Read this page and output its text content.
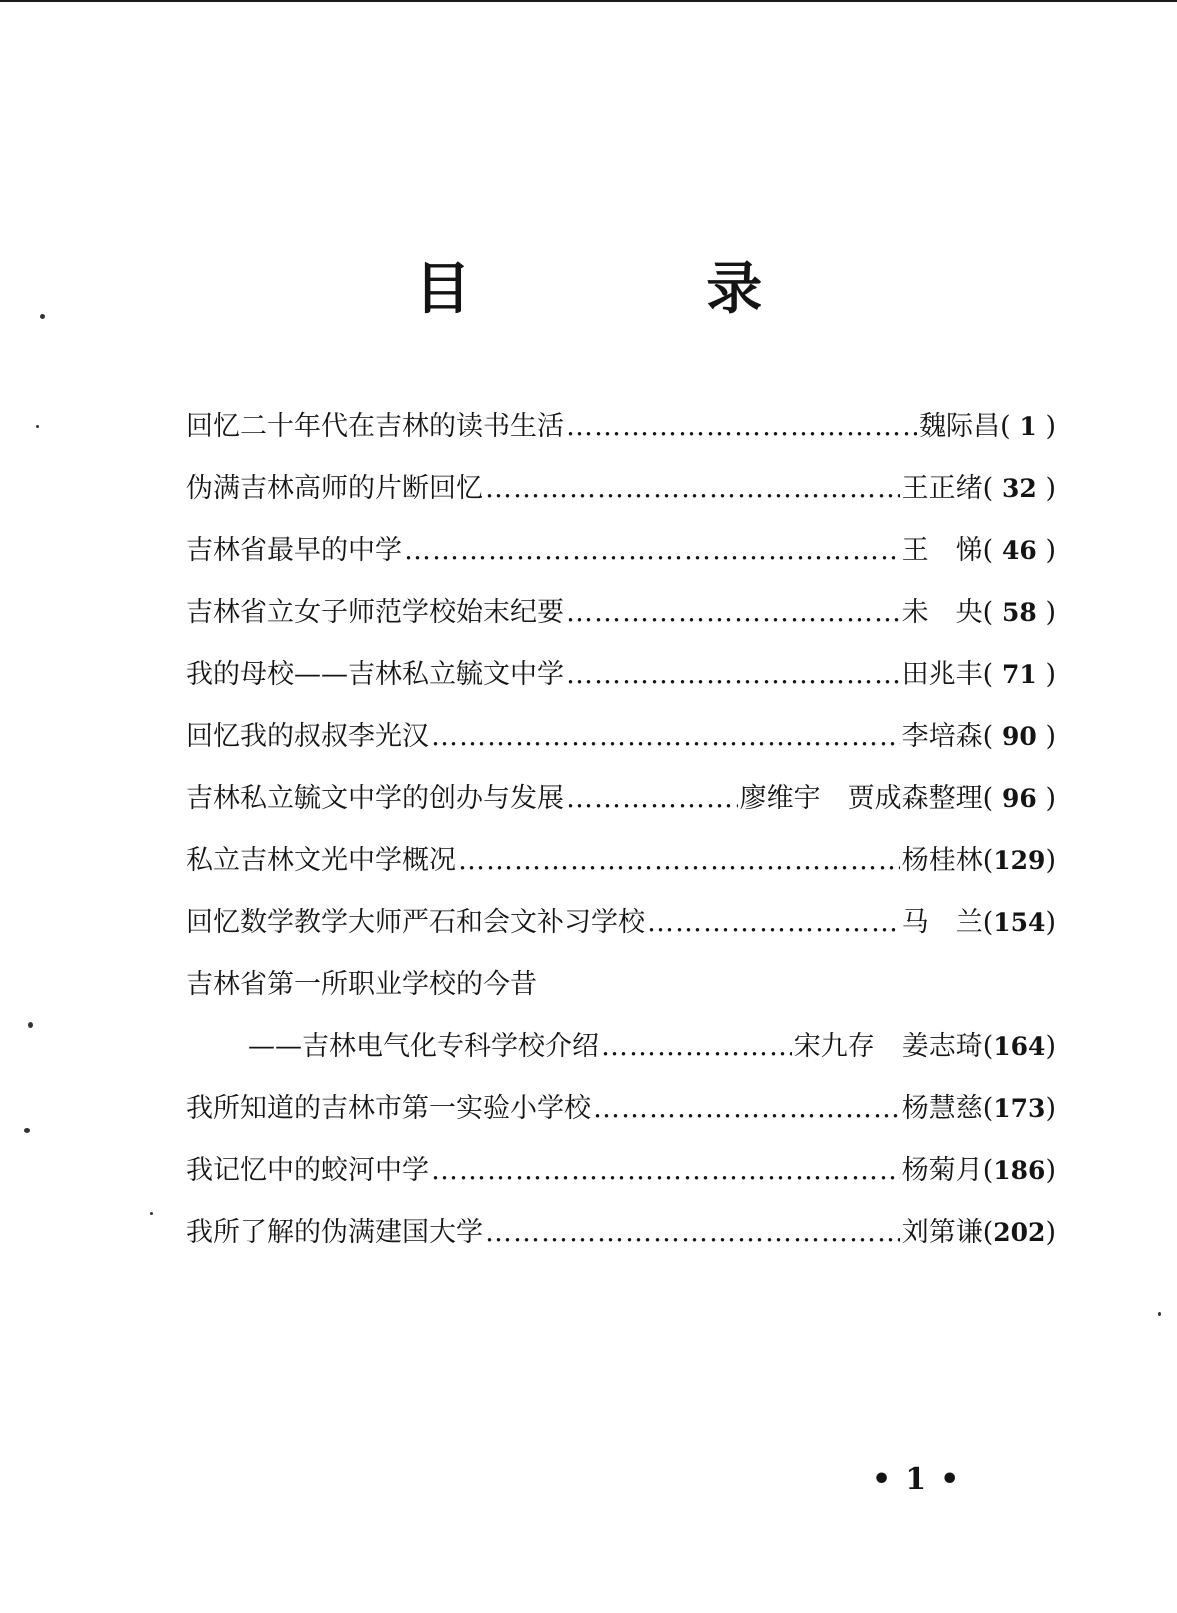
目 录
回忆二十年代在吉林的读书生活 …………………………………………………………………………………………………………………………………………	魏际昌 ( 1 )
伪满吉林高师的片断回忆 …………………………………………………………………………………………………………………………………………	王正绪 ( 32 )
吉林省最早的中学 …………………………………………………………………………………………………………………………………………	王　悌 ( 46 )
吉林省立女子师范学校始末纪要 …………………………………………………………………………………………………………………………………………	未　央 ( 58 )
我的母校——吉林私立毓文中学 …………………………………………………………………………………………………………………………………………	田兆丰 ( 71 )
回忆我的叔叔李光汉 …………………………………………………………………………………………………………………………………………	李培森 ( 90 )
吉林私立毓文中学的创办与发展 …………………………………………………………………………………………………………………………………………	廖维宇　贾成森整理 ( 96 )
私立吉林文光中学概况 …………………………………………………………………………………………………………………………………………	杨桂林 (129)
回忆数学教学大师严石和会文补习学校 …………………………………………………………………………………………………………………………………………	马　兰 (154)
吉林省第一所职业学校的今昔
——吉林电气化专科学校介绍 …………………………………………………………………………………………………………………………………………	宋九存　姜志琦 (164)
我所知道的吉林市第一实验小学校 …………………………………………………………………………………………………………………………………………	杨慧慈 (173)
我记忆中的蛟河中学 …………………………………………………………………………………………………………………………………………	杨菊月 (186)
我所了解的伪满建国大学 …………………………………………………………………………………………………………………………………………	刘第谦 (202)
•1•
